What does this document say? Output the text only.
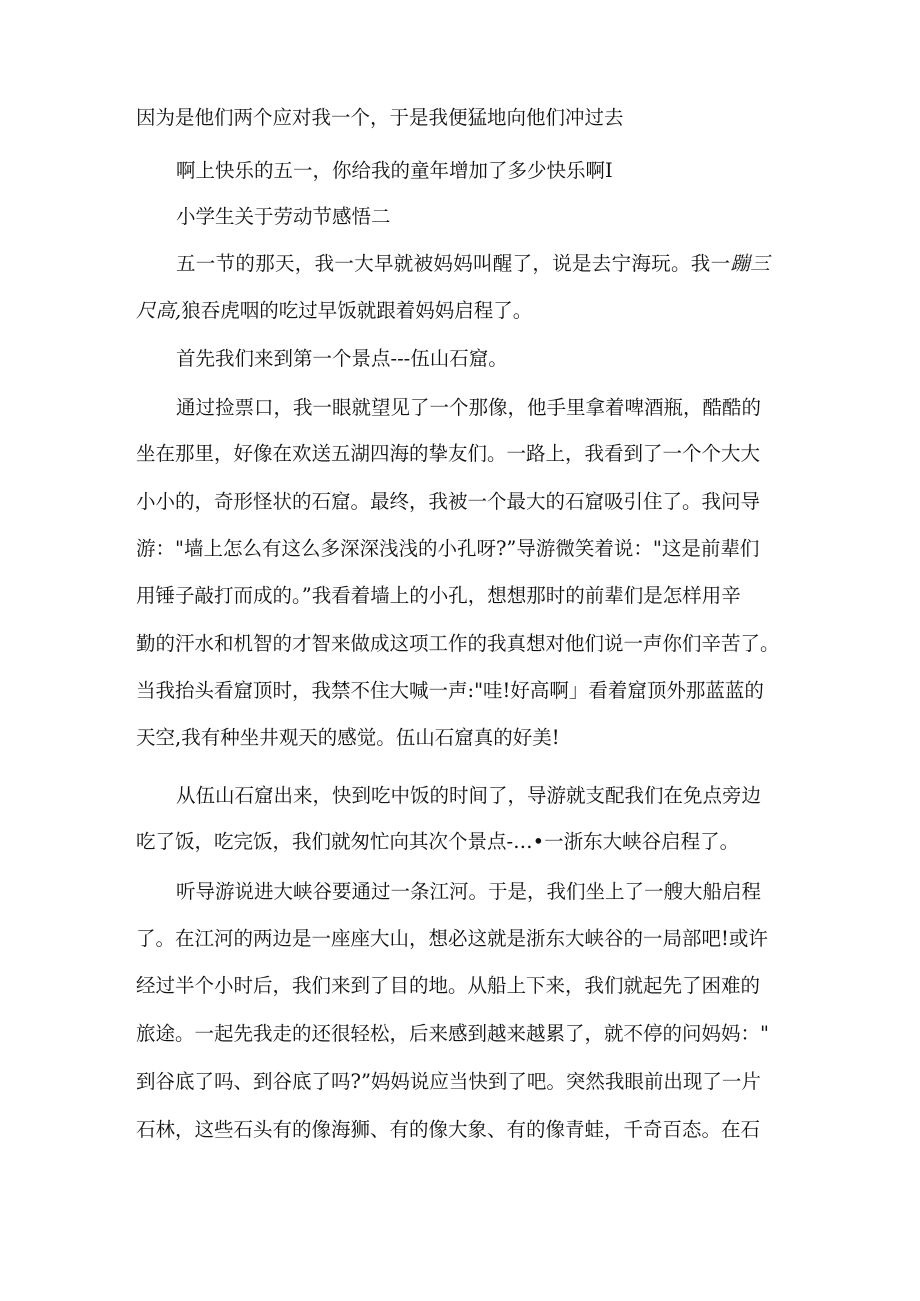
因为是他们两个应对我一个，于是我便猛地向他们冲过去

啊上快乐的五一，你给我的童年增加了多少快乐啊I

小学生关于劳动节感悟二

五一节的那天，我一大早就被妈妈叫醒了，说是去宁海玩。我一蹦三

尺高,狼吞虎咽的吃过早饭就跟着妈妈启程了。

首先我们来到第一个景点---伍山石窟。

通过捡票口，我一眼就望见了一个那像，他手里拿着啤酒瓶，酷酷的

坐在那里，好像在欢送五湖四海的挚友们。一路上，我看到了一个个大大

小小的，奇形怪状的石窟。最终，我被一个最大的石窟吸引住了。我问导

游："墙上怎么有这么多深深浅浅的小孔呀?”导游微笑着说："这是前辈们

用锤子敲打而成的。”我看着墙上的小孔，想想那时的前辈们是怎样用辛

勤的汗水和机智的才智来做成这项工作的我真想对他们说一声你们辛苦了。

当我抬头看窟顶时，我禁不住大喊一声:"哇!好高啊」看着窟顶外那蓝蓝的

天空,我有种坐井观天的感觉。伍山石窟真的好美!

从伍山石窟出来，快到吃中饭的时间了，导游就支配我们在免点旁边

吃了饭，吃完饭，我们就匆忙向其次个景点-…•一浙东大峡谷启程了。

听导游说进大峡谷要通过一条江河。于是，我们坐上了一艘大船启程

了。在江河的两边是一座座大山，想必这就是浙东大峡谷的一局部吧!或许

经过半个小时后，我们来到了目的地。从船上下来，我们就起先了困难的

旅途。一起先我走的还很轻松，后来感到越来越累了，就不停的问妈妈："

到谷底了吗、到谷底了吗?”妈妈说应当快到了吧。突然我眼前出现了一片

石林，这些石头有的像海狮、有的像大象、有的像青蛙，千奇百态。在石
